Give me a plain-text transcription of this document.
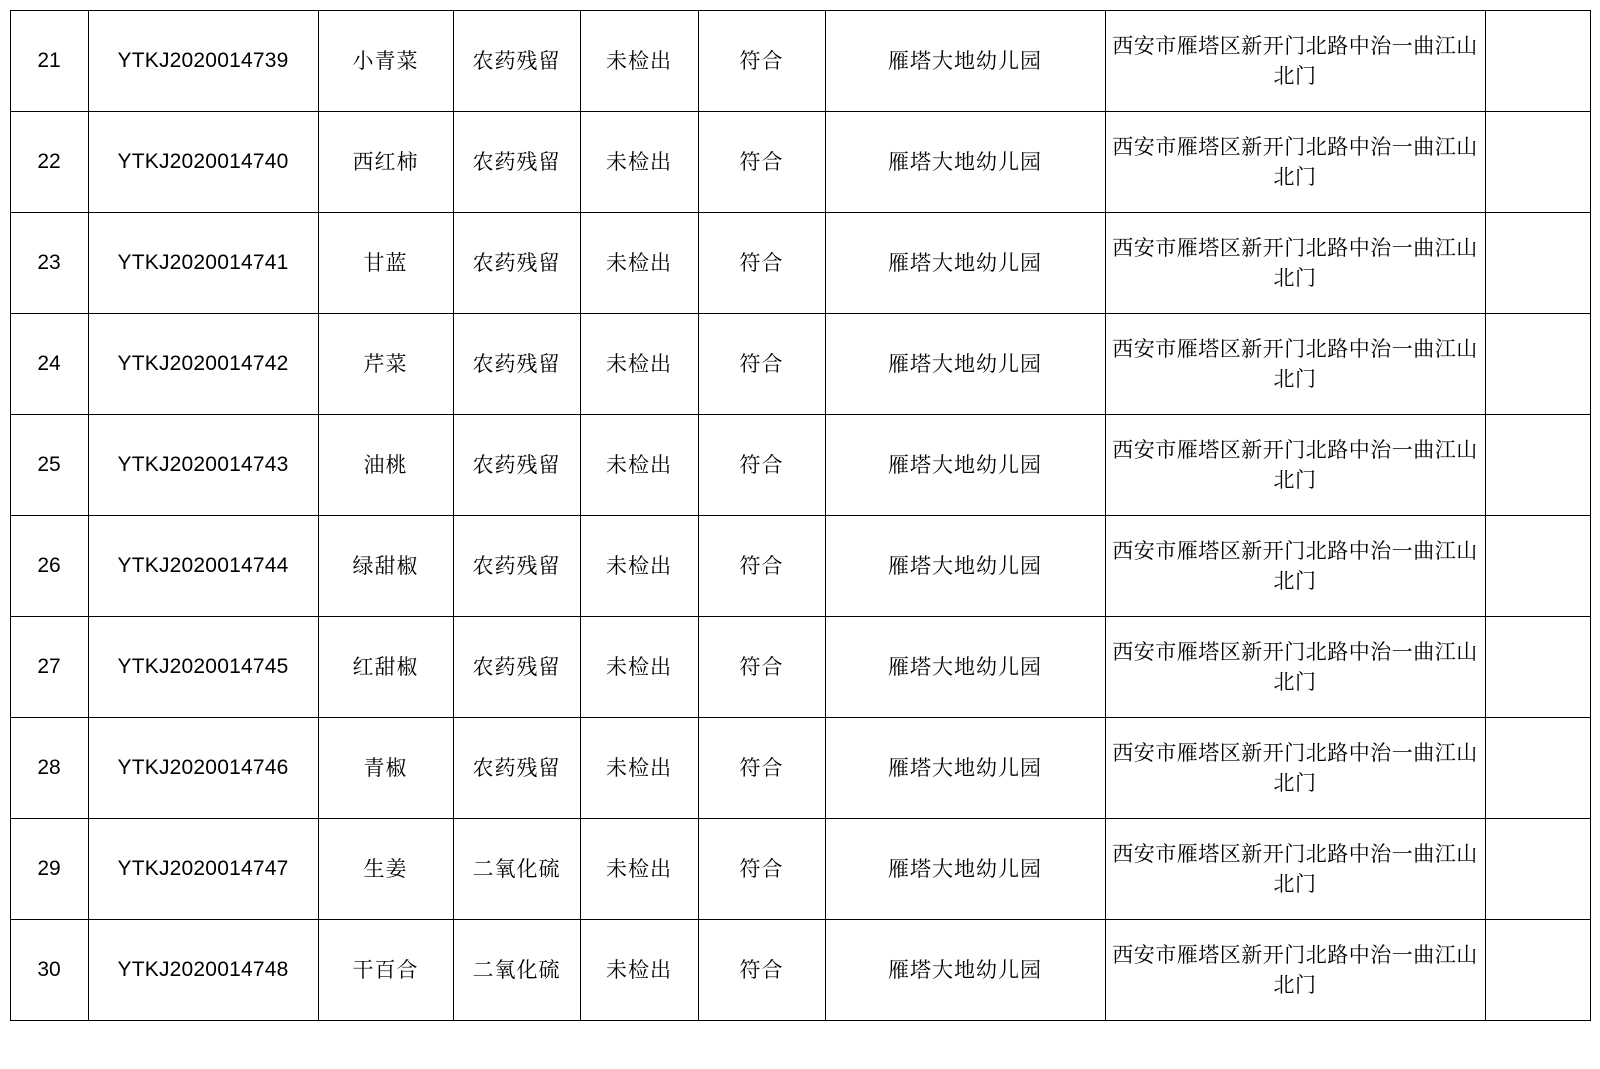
21	YTKJ2020014739	小青菜	农药残留	未检出	符合	雁塔大地幼儿园	西安市雁塔区新开门北路中治一曲江山北门	
22	YTKJ2020014740	西红柿	农药残留	未检出	符合	雁塔大地幼儿园	西安市雁塔区新开门北路中治一曲江山北门	
23	YTKJ2020014741	甘蓝	农药残留	未检出	符合	雁塔大地幼儿园	西安市雁塔区新开门北路中治一曲江山北门	
24	YTKJ2020014742	芹菜	农药残留	未检出	符合	雁塔大地幼儿园	西安市雁塔区新开门北路中治一曲江山北门	
25	YTKJ2020014743	油桃	农药残留	未检出	符合	雁塔大地幼儿园	西安市雁塔区新开门北路中治一曲江山北门	
26	YTKJ2020014744	绿甜椒	农药残留	未检出	符合	雁塔大地幼儿园	西安市雁塔区新开门北路中治一曲江山北门	
27	YTKJ2020014745	红甜椒	农药残留	未检出	符合	雁塔大地幼儿园	西安市雁塔区新开门北路中治一曲江山北门	
28	YTKJ2020014746	青椒	农药残留	未检出	符合	雁塔大地幼儿园	西安市雁塔区新开门北路中治一曲江山北门	
29	YTKJ2020014747	生姜	二氧化硫	未检出	符合	雁塔大地幼儿园	西安市雁塔区新开门北路中治一曲江山北门	
30	YTKJ2020014748	干百合	二氧化硫	未检出	符合	雁塔大地幼儿园	西安市雁塔区新开门北路中治一曲江山北门	
